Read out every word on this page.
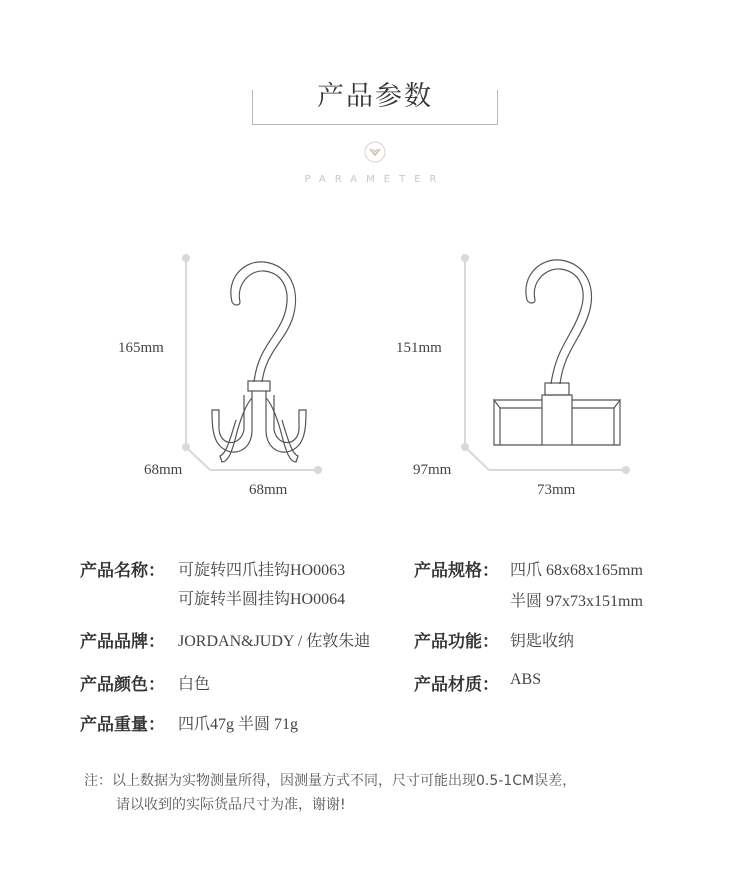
产品参数
PARAMETER
165mm
68mm
68mm
151mm
97mm
73mm
产品名称： 可旋转四爪挂钩HO0063
可旋转半圆挂钩HO0064
产品规格： 四爪 68x68x165mm
半圆 97x73x151mm
产品品牌： JORDAN&JUDY / 佐敦朱迪	产品功能： 钥匙收纳
产品颜色： 白色	产品材质： ABS
产品重量： 四爪47g 半圆 71g
注：以上数据为实物测量所得，因测量方式不同，尺寸可能出现0.5-1CM误差，
请以收到的实际货品尺寸为准，谢谢!
